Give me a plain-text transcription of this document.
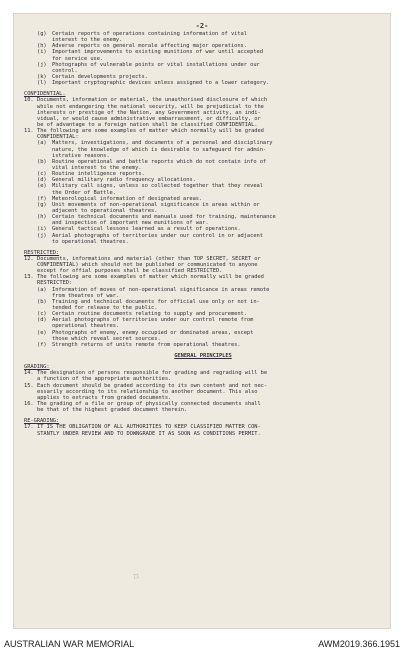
-2-
(g)	Certain reports of operations containing information of vital
interest to the enemy.
(h)	Adverse reports on general morale affecting major operations.
(i)	Important improvements to existing munitions of war until accepted
for service use.
(j)	Photographs of vulnerable points or vital installations under our
control.
(k)	Certain developments projects.
(l)	Important cryptographic devices unless assigned to a lower category.
CONFIDENTIAL.
10. Documents, information or material, the unauthorised disclosure of which
while not endangering the national security, will be prejudicial to the
interests or prestige of the Nation, any Government activity, an indi-
vidual, or would cause administrative embarrassment, or difficulty, or
be of advantage to a foreign nation shall be classified CONFIDENTIAL.
11. The following are some examples of matter which normally will be graded
CONFIDENTIAL:
(a)	Matters, investigations, and documents of a personal and disciplinary
nature, the knowledge of which is desirable to safeguard for admin-
istrative reasons.
(b)	Routine operational and battle reports which do not contain info of
vital interest to the enemy.
(c)	Routine intelligence reports.
(d)	General military radio frequency allocations.
(e)	Military call signs, unless so collected together that they reveal
the Order of Battle.
(f)	Meteorological information of designated areas.
(g)	Unit movements of non-operational significance in areas within or
adjacent to operational theatres.
(h)	Certain technical documents and manuals used for training, maintenance
and inspection of important new munitions of war.
(i)	General tactical lessons learned as a result of operations.
(j)	Aerial photographs of territories under our control in or adjacent
to operational theatres.
RESTRICTED:
12. Documents, informations and material (other than TOP SECRET, SECRET or
CONFIDENTIAL) which should not be published or communicated to anyone
except for offial purposes shall be classified RESTRICTED.
13. The following are some examples of matter which normally will be graded
RESTRICTED:
(a)	Information of moves of non-operational significance in areas remote
from theatres of war.
(b)	Training and technical documents for official use only or not in-
tended for release to the public.
(c)	Certain routine documents relating to supply and procurement.
(d)	Aerial photographs of territories under our control remote from
operational theatres.
(e)	Photographs of enemy, enemy occupied or dominated areas, except
those which reveal secret sources.
(f)	Strength returns of units remote from operational theatres.
GENERAL PRINCIPLES
GRADING:
14. The designation of persons responsible for grading and regrading will be
a function of the appropriate authorities.
15. Each document should be graded according to its own content and not nec-
essarily according to its relationship to another document. This also
applies to extracts from graded documents.
16. The grading of a file or group of physically connected documents shall
be that of the highest graded document therein.
RE-GRADING:
17. IT IS THE OBLIGATION OF ALL AUTHORITIES TO KEEP CLASSIFIED MATTER CON-
STANTLY UNDER REVIEW AND TO DOWNGRADE IT AS SOON AS CONDITIONS PERMIT.
□
AUSTRALIAN WAR MEMORIAL	AWM2019.366.1951
